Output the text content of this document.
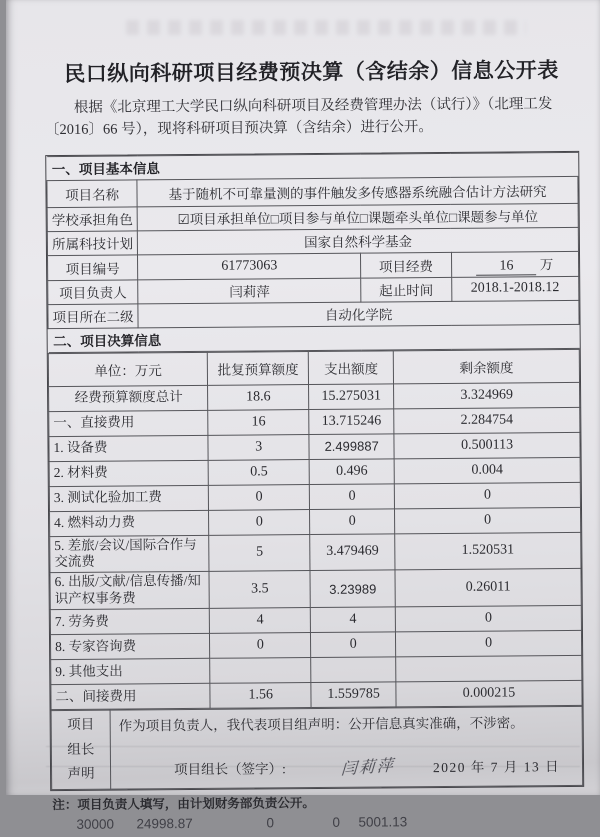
民口纵向科研项目经费预决算（含结余）信息公开表

根据《北京理工大学民口纵向科研项目及经费管理办法（试行）》（北理工发〔2016〕66 号），现将科研项目预决算（含结余）进行公开。

一、项目基本信息			
项目名称	基于随机不可靠量测的事件触发多传感器系统融合估计方法研究		
学校承担角色	☑项目承担单位□项目参与单位□课题牵头单位□课题参与单位		
所属科技计划	国家自然科学基金		
项目编号	61773063	项目经费	16 万
项目负责人	闫莉萍	起止时间	2018.1-2018.12
项目所在二级	自动化学院		
二、项目决算信息			
单位：万元	批复预算额度	支出额度	剩余额度
经费预算额度总计	18.6	15.275031	3.324969
一、直接费用	16	13.715246	2.284754
1. 设备费	3	2.499887	0.500113
2. 材料费	0.5	0.496	0.004
3. 测试化验加工费	0	0	0
4. 燃料动力费	0	0	0
5. 差旅/会议/国际合作与交流费	5	3.479469	1.520531
6. 出版/文献/信息传播/知识产权事务费	3.5	3.23989	0.26011
7. 劳务费	4	4	0
8. 专家咨询费	0	0	0
9. 其他支出			
二、间接费用	1.56	1.559785	0.000215
项目
组长
声明

作为项目负责人，我代表项目组声明：公开信息真实准确，不涉密。
项目组长（签字）:	闫莉萍	2020 年 7 月 13 日
注：项目负责人填写，由计划财务部负责公开。
30000 24998.87	0	0 5001.13
